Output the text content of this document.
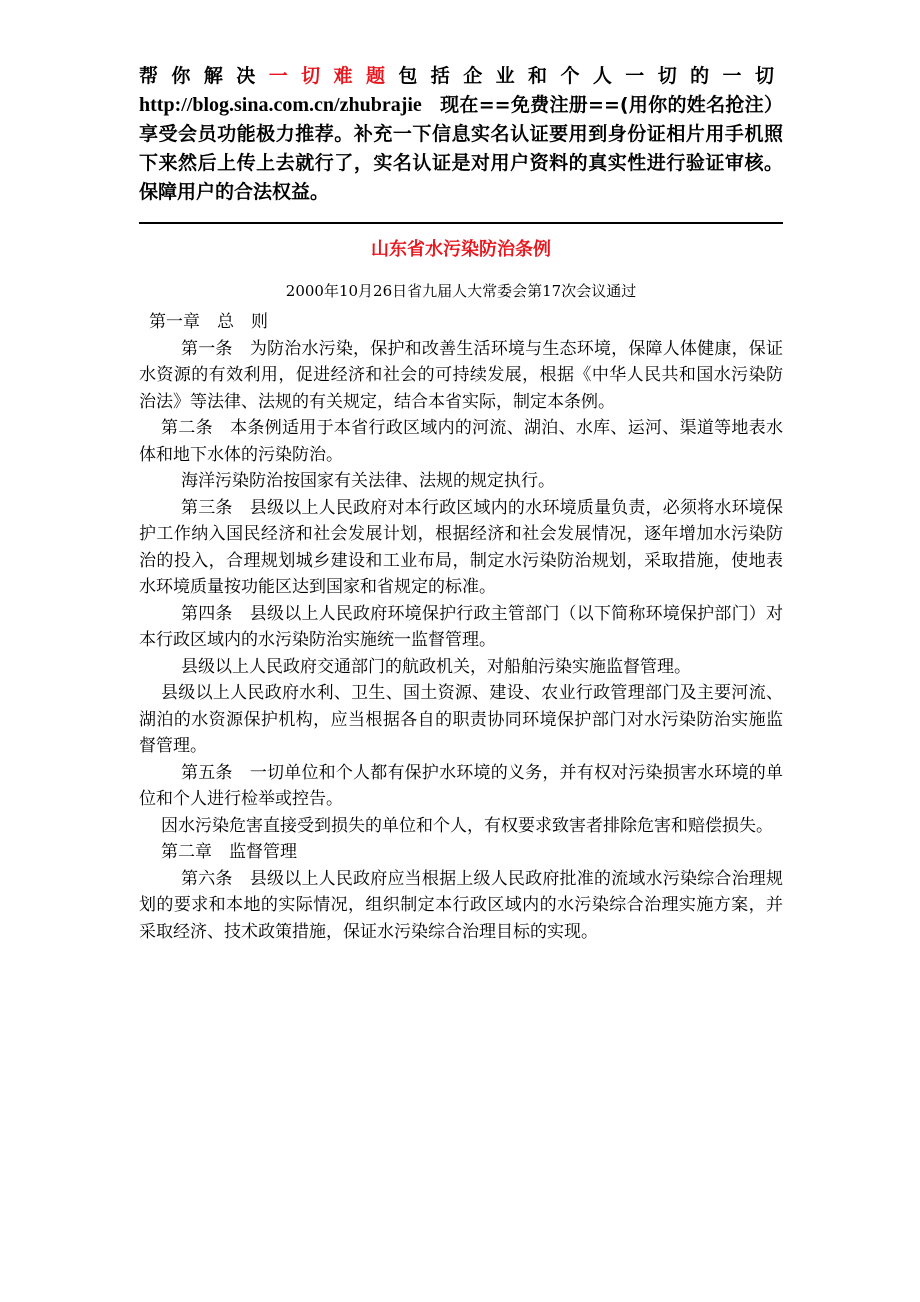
帮你解决一切难题包括企业和个人一切的一切 http://blog.sina.com.cn/zhubrajie 现在==免费注册==(用你的姓名抢注）享受会员功能极力推荐。补充一下信息实名认证要用到身份证相片用手机照下来然后上传上去就行了，实名认证是对用户资料的真实性进行验证审核。保障用户的合法权益。
山东省水污染防治条例
2000年10月26日省九届人大常委会第17次会议通过

第一章　总　则

第一条　为防治水污染，保护和改善生活环境与生态环境，保障人体健康，保证水资源的有效利用，促进经济和社会的可持续发展，根据《中华人民共和国水污染防治法》等法律、法规的有关规定，结合本省实际，制定本条例。

第二条　本条例适用于本省行政区域内的河流、湖泊、水库、运河、渠道等地表水体和地下水体的污染防治。

海洋污染防治按国家有关法律、法规的规定执行。

第三条　县级以上人民政府对本行政区域内的水环境质量负责，必须将水环境保护工作纳入国民经济和社会发展计划，根据经济和社会发展情况，逐年增加水污染防治的投入，合理规划城乡建设和工业布局，制定水污染防治规划，采取措施，使地表水环境质量按功能区达到国家和省规定的标准。

第四条　县级以上人民政府环境保护行政主管部门（以下简称环境保护部门）对本行政区域内的水污染防治实施统一监督管理。

县级以上人民政府交通部门的航政机关，对船舶污染实施监督管理。

县级以上人民政府水利、卫生、国土资源、建设、农业行政管理部门及主要河流、湖泊的水资源保护机构，应当根据各自的职责协同环境保护部门对水污染防治实施监督管理。

第五条　一切单位和个人都有保护水环境的义务，并有权对污染损害水环境的单位和个人进行检举或控告。

因水污染危害直接受到损失的单位和个人，有权要求致害者排除危害和赔偿损失。

第二章　监督管理

第六条　县级以上人民政府应当根据上级人民政府批准的流域水污染综合治理规划的要求和本地的实际情况，组织制定本行政区域内的水污染综合治理实施方案，并采取经济、技术政策措施，保证水污染综合治理目标的实现。
